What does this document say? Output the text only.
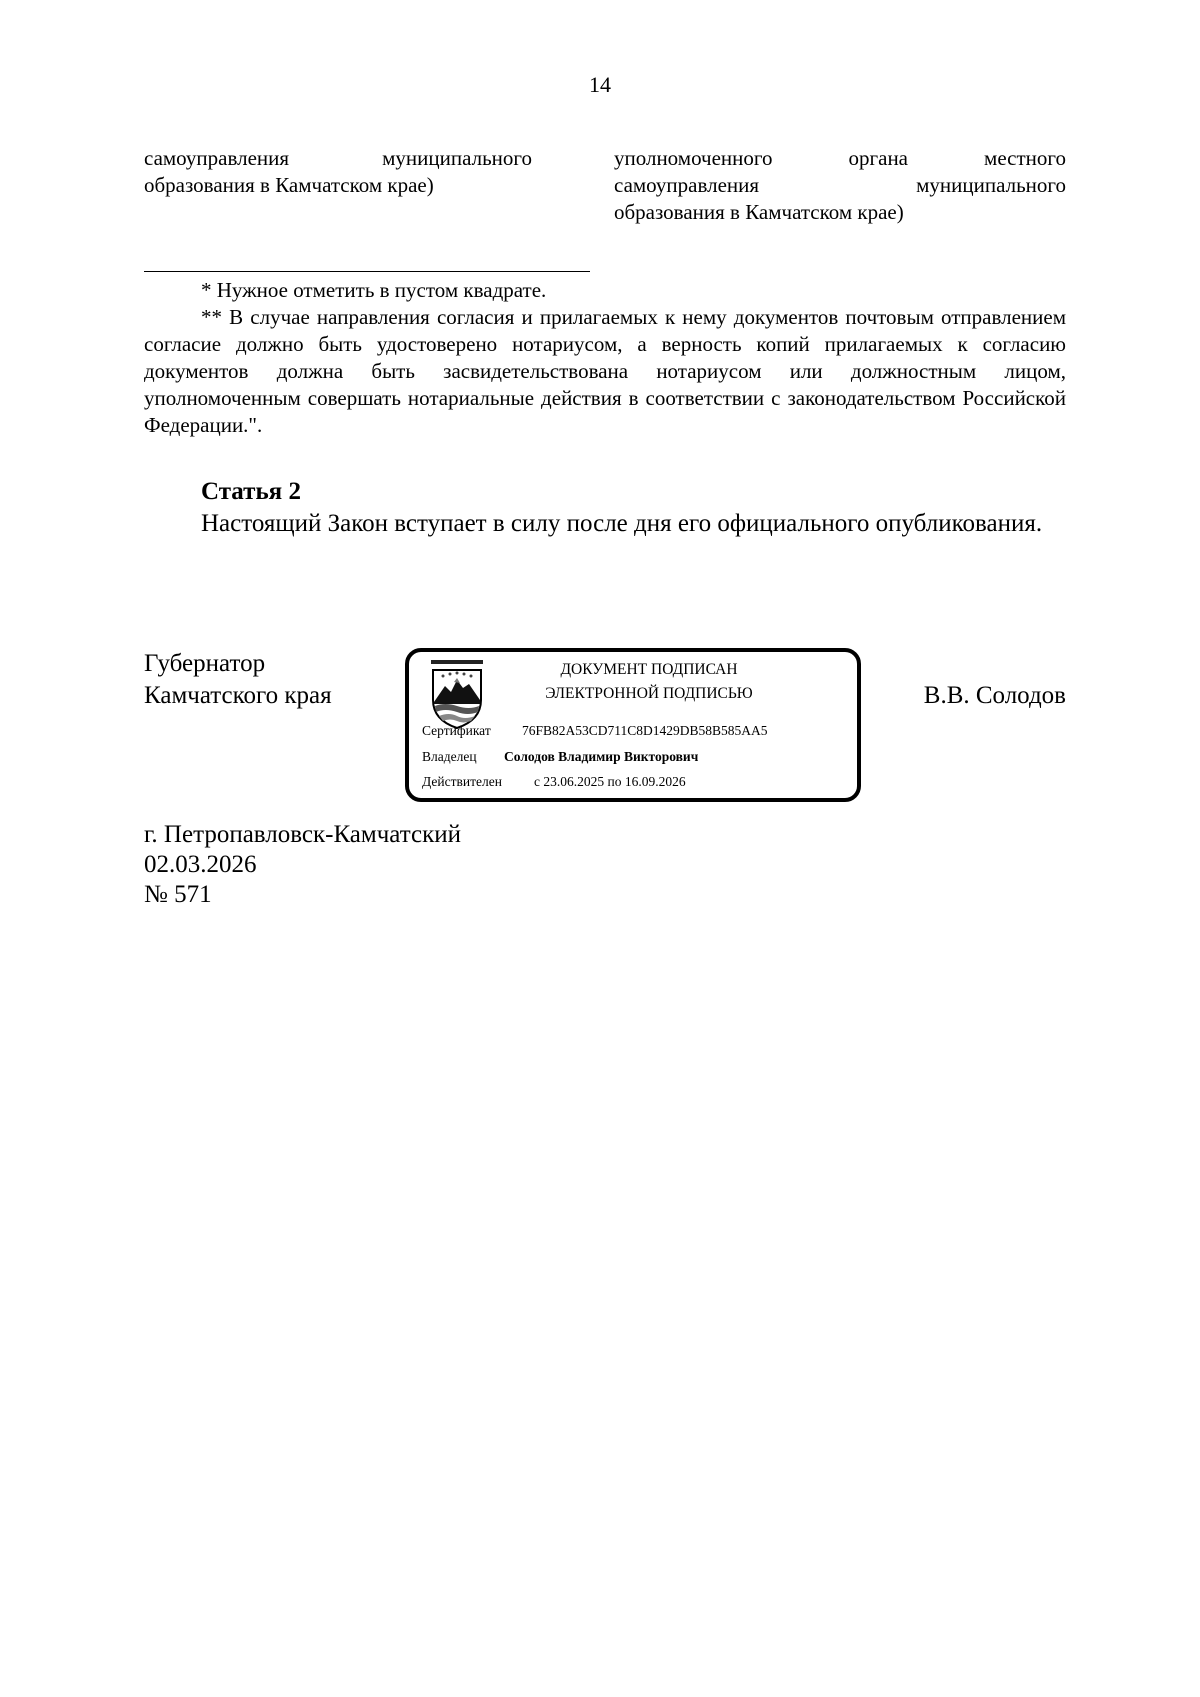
14
самоуправления муниципального
образования в Камчатском крае)
уполномоченного органа местного
самоуправления муниципального
образования в Камчатском крае)

* Нужное отметить в пустом квадрате.

** В случае направления согласия и прилагаемых к нему документов почтовым отправлением согласие должно быть удостоверено нотариусом, а верность копий прилагаемых к согласию документов должна быть засвидетельствована нотариусом или должностным лицом, уполномоченным совершать нотариальные действия в соответствии с законодательством Российской Федерации.".

Статья 2

Настоящий Закон вступает в силу после дня его официального опубликования.

Губернатор
Камчатского края
ДОКУМЕНТ ПОДПИСАН
ЭЛЕКТРОННОЙ ПОДПИСЬЮ
Сертификат 76FB82A53CD711C8D1429DB58B585AA5
Владелец Солодов Владимир Викторович
Действителен с 23.06.2025 по 16.09.2026
В.В. Солодов
г. Петропавловск-Камчатский
02.03.2026
№ 571
